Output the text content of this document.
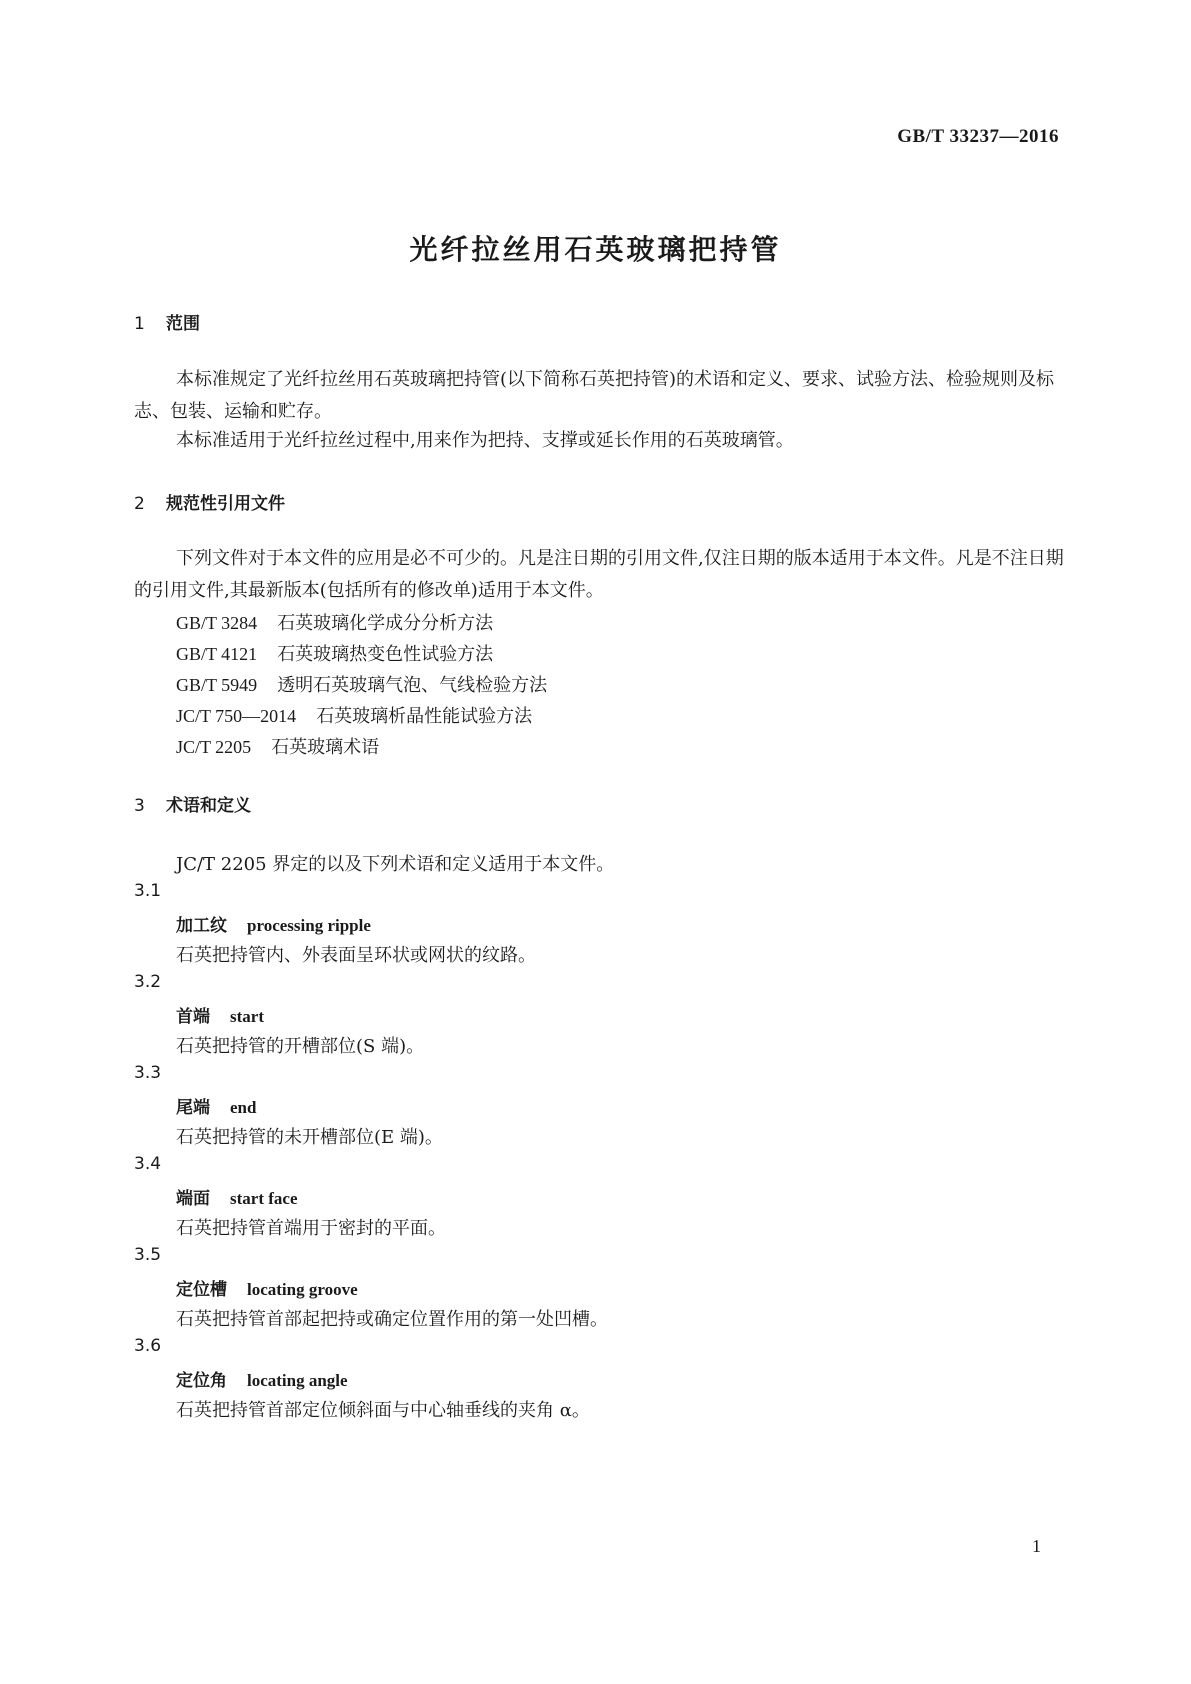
GB/T 33237—2016
光纤拉丝用石英玻璃把持管
1 范围
本标准规定了光纤拉丝用石英玻璃把持管(以下简称石英把持管)的术语和定义、要求、试验方法、检验规则及标志、包装、运输和贮存。
本标准适用于光纤拉丝过程中,用来作为把持、支撑或延长作用的石英玻璃管。
2 规范性引用文件
下列文件对于本文件的应用是必不可少的。凡是注日期的引用文件,仅注日期的版本适用于本文件。凡是不注日期的引用文件,其最新版本(包括所有的修改单)适用于本文件。
GB/T 3284 石英玻璃化学成分分析方法
GB/T 4121 石英玻璃热变色性试验方法
GB/T 5949 透明石英玻璃气泡、气线检验方法
JC/T 750—2014 石英玻璃析晶性能试验方法
JC/T 2205 石英玻璃术语
3 术语和定义
JC/T 2205 界定的以及下列术语和定义适用于本文件。
3.1
加工纹 processing ripple
石英把持管内、外表面呈环状或网状的纹路。
3.2
首端 start
石英把持管的开槽部位(S 端)。
3.3
尾端 end
石英把持管的未开槽部位(E 端)。
3.4
端面 start face
石英把持管首端用于密封的平面。
3.5
定位槽 locating groove
石英把持管首部起把持或确定位置作用的第一处凹槽。
3.6
定位角 locating angle
石英把持管首部定位倾斜面与中心轴垂线的夹角 α。
1
